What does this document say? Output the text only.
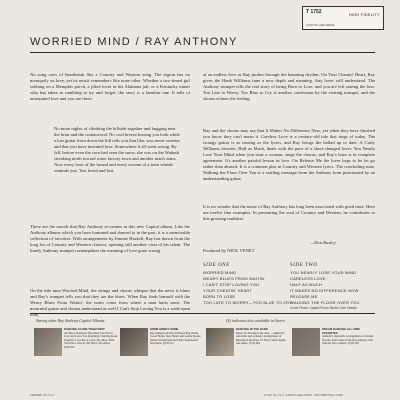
T 1752	HIGH FIDELITY
CAPITOL RECORDS
WORRIED MIND / RAY ANTHONY
No song cries of heartbreak like a Country and Western song. The region has no monopoly on love, yet its music remembers like none other. Whether a two-timed girl sobbing on a Memphis porch, a jilted lover in his Alabama jail, or a Kentucky miner who has taken to rambling to try and forget, the story is a familiar one. It tells of unrequited love and you are there.
No more nights of climbing the hillside together and hugging near the briar and the cottonwood. No cool breeze kissing you both while a lost guitar from down the hill tells you that lilac was never sweeter and that you have invented love. Somewhere it all went wrong. By fall, before even the corn had seen the snow, she was on the Wabash streaking north toward some factory town and another man's arms. Now every hoot of the hound and every scream of a train whistle reminds you. You loved and lost.
These are the moods that Ray Anthony re-creates in this new Capitol album. Like the Anthony albums which you have hummed and danced to in the past, it is a memorable collection of favorites. With arrangements by Jimmie Haskell, Ray has drawn from the long list of Country and Western classics, opening still another vista of his talent. The lonely Anthony trumpet contemplates the meaning of love gone wrong.
On the title tune Worried Mind, the strings and chorus whisper that the news is blues and Ray's trumpet tells you that they are the blues. When Ray finds himself with the Weary Blues From Waitin', the notes come from where a man hurts most. The mournful guitar and chorus understand as well I Can't Stop Loving You is a wide-open look
at an endless love as Ray probes through the haunting rhythm. On Your Cheatin' Heart, Ray gives the Hank Williams tune a new depth and meaning. Any lover will understand. The Anthony trumpet tells the real story of being Born to Lose, and you are left staring the loss. Too Late to Worry, Too Blue to Cry is another confession by the visiting trumpet, and the chorus echoes the feeling.
Ray and the chorus may say that It Makes No Difference Now, yet when they have finished you know they can't mean it. Careless Love is a century-old tale that rings of today. The twangy guitar is as teasing as the lyrics, and Ray brings the ballad up to date. A Curly Williams favorite, Half as Much, deals with the pace of a short-changed lover. You Nearly Lose Your Mind when you trust a woman, sings the chorus, and Ray's horn is in complete agreement. It's another painful lesson in love. On Release Me the lover begs to be let go rather than abused. It is a common plea in Country and Western lyrics. The concluding tune, Walking the Floor Over You is a wailing message from the Anthony horn punctuated by an understanding guitar.
It is no wonder that the name of Ray Anthony has long been associated with good taste. Here are twelve fine examples. In presenting the soul of Country and Western, he contributes to this growing tradition.
—Don Ruxley
Produced by NICK VENET
SIDE ONE	SIDE TWO
WORRIED MIND
WEARY BLUES FROM WAITIN'
I CAN'T STOP LOVING YOU
YOUR CHEATIN' HEART
BORN TO LOSE
TOO LATE TO WORRY—TOO BLUE TO CRY
YOU NEARLY LOSE YOUR MIND
CARELESS LOVE
HALF AS MUCH
IT MAKES NO DIFFERENCE NOW
RELEASE ME
WALKING THE FLOOR OVER YOU
Cover Photo: Capitol Photo Studio: Ken Veeder
Among other Ray Anthony Capitol Albums:	(S) indicates also available in Stereo
DANCING ALONE TOGETHER*
All Those Standards That Made You Fall in Love and Leave You Dreaming: Dancing Alone Together, Love Me or Leave Me, More Than You Know, One for My Baby, and others. (S)T1252
HOME SWEET HOME
Ray Anthony and his Orchestra Play Home Sweet Home, Dear Hearts and Gentle People, Winter Wonderland and Other Sentimental Selections. (S)T1312
DANCING IN THE DARK
Music for dancing in the dark — Anthony's danceable and romantic arrangements of Dancing in the Dark, I'll Never Smile Again, and others. (S)T1304
DREAM DANCING ALL-TIME FAVORITES
Anthony's danceable arrangements of all-time favorite dance tunes in the Ray Anthony style with the full orchestra. (S)T1108
PRINTED IN U.S.A.	LITHO IN U.S.A. CAPITOL RECORDS · DISTRIBUTING CORP.
